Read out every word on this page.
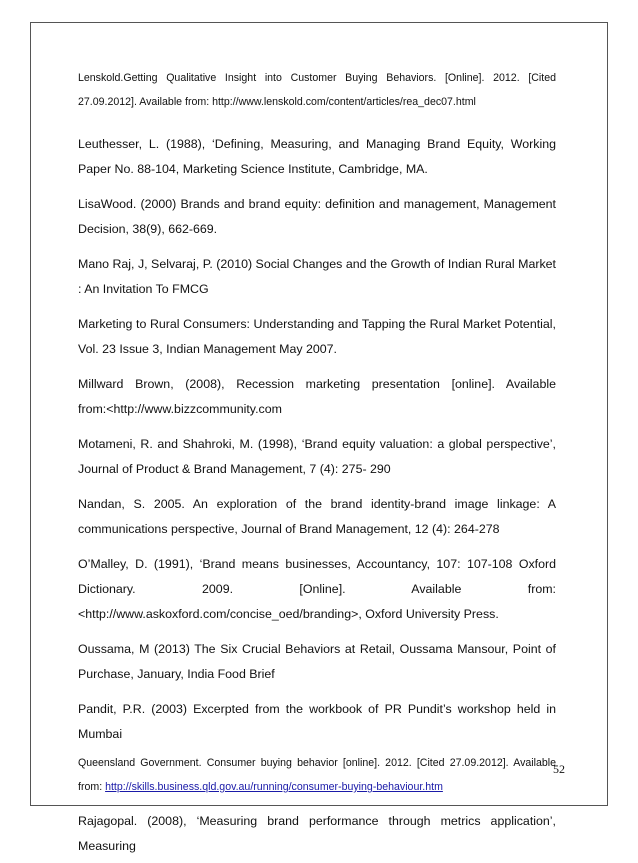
Lenskold.Getting Qualitative Insight into Customer Buying Behaviors. [Online]. 2012. [Cited 27.09.2012]. Available from: http://www.lenskold.com/content/articles/rea_dec07.html

Leuthesser, L. (1988), ‘Defining, Measuring, and Managing Brand Equity, Working Paper No. 88-104, Marketing Science Institute, Cambridge, MA.

LisaWood. (2000) Brands and brand equity: definition and management, Management Decision, 38(9), 662-669.

Mano Raj, J, Selvaraj, P. (2010) Social Changes and the Growth of Indian Rural Market : An Invitation To FMCG

Marketing to Rural Consumers: Understanding and Tapping the Rural Market Potential, Vol. 23 Issue 3, Indian Management May 2007.

Millward Brown, (2008), Recession marketing presentation [online]. Available from:<http://www.bizzcommunity.com

Motameni, R. and Shahroki, M. (1998), ‘Brand equity valuation: a global perspective’, Journal of Product & Brand Management, 7 (4): 275- 290

Nandan, S. 2005. An exploration of the brand identity-brand image linkage: A communications perspective, Journal of Brand Management, 12 (4): 264-278

O’Malley, D. (1991), ‘Brand means businesses, Accountancy, 107: 107-108 Oxford Dictionary. 2009. [Online]. Available from: <http://www.askoxford.com/concise_oed/branding>, Oxford University Press.

Oussama, M (2013) The Six Crucial Behaviors at Retail, Oussama Mansour, Point of Purchase, January, India Food Brief

Pandit, P.R. (2003) Excerpted from the workbook of PR Pundit’s workshop held in Mumbai

Queensland Government. Consumer buying behavior [online]. 2012. [Cited 27.09.2012]. Available from: http://skills.business.qld.gov.au/running/consumer-buying-behaviour.htm

Rajagopal. (2008), ‘Measuring brand performance through metrics application’, Measuring

52
